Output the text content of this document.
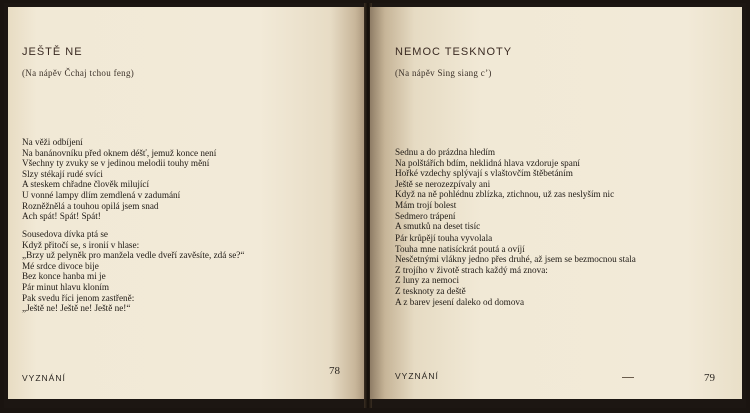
JEŠTĚ NE
(Na nápěv Čchaj tchou feng)
Na věži odbíjení
Na banánovníku před oknem déšť, jemuž konce není
Všechny ty zvuky se v jedinou melodii touhy mění
Slzy stékají rudé svíci
A steskem chřadne člověk milující
U vonné lampy dlím zemdlená v zadumání
Rozněžnělá a touhou opilá jsem snad
Ach spát! Spát! Spát!
Sousedova dívka ptá se
Když přitočí se, s ironií v hlase:
„Brzy už pelyněk pro manžela vedle dveří zavěsíte, zdá se?“
Mé srdce divoce bije
Bez konce hanba mi je
Pár minut hlavu kloním
Pak svedu říci jenom zastřeně:
„Ještě ne! Ještě ne! Ještě ne!“
VYZNÁNÍ
78
NEMOC TESKNOTY
(Na nápěv Sing siang c’)
Sednu a do prázdna hledím
Na polštářích bdím, neklidná hlava vzdoruje spaní
Hořké vzdechy splývají s vlaštovčím štěbetáním
Ještě se nerozezpívaly ani
Když na ně pohlédnu zblízka, ztichnou, už zas neslyším nic
Mám trojí bolest
Sedmero trápení
A smutků na deset tisíc
Pár krůpějí touha vyvolala
Touha mne natisíckrát poutá a ovíjí
Nesčetnými vlákny jedno přes druhé, až jsem se bezmocnou stala
Z trojího v životě strach každý má znova:
Z luny za nemoci
Z tesknoty za deště
A z barev jesení daleko od domova
VYZNÁNÍ	79
